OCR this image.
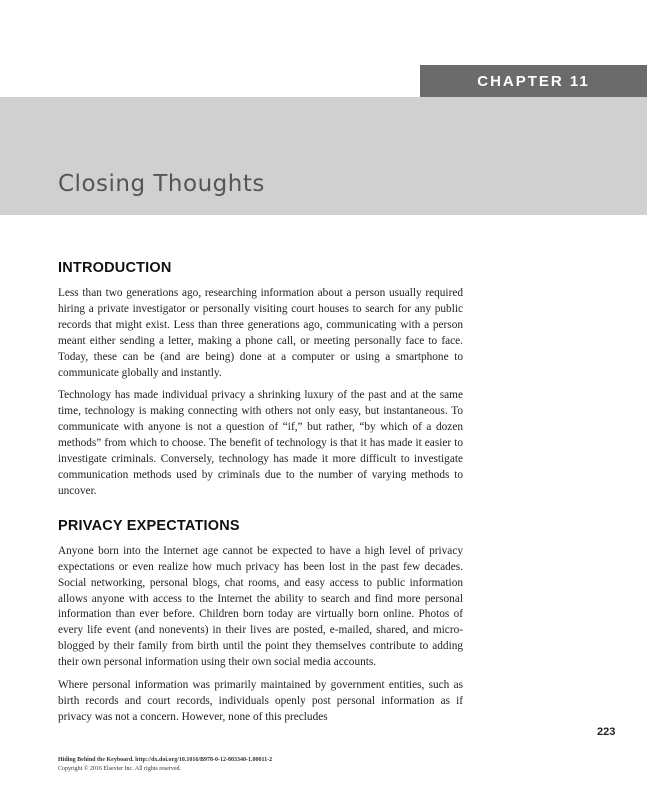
CHAPTER 11
Closing Thoughts
INTRODUCTION

Less than two generations ago, researching information about a person usually required hiring a private investigator or personally visiting court houses to search for any public records that might exist. Less than three generations ago, communicating with a person meant either sending a letter, making a phone call, or meeting personally face to face. Today, these can be (and are being) done at a computer or using a smartphone to communicate globally and instantly.

Technology has made individual privacy a shrinking luxury of the past and at the same time, technology is making connecting with others not only easy, but instantaneous. To communicate with anyone is not a question of “if,” but rather, “by which of a dozen methods” from which to choose. The benefit of technology is that it has made it easier to investigate criminals. Conversely, technology has made it more difficult to investigate communication methods used by criminals due to the number of varying methods to uncover.

PRIVACY EXPECTATIONS

Anyone born into the Internet age cannot be expected to have a high level of privacy expectations or even realize how much privacy has been lost in the past few decades. Social networking, personal blogs, chat rooms, and easy access to public information allows anyone with access to the Internet the ability to search and find more personal information than ever before. Children born today are virtually born online. Photos of every life event (and nonevents) in their lives are posted, e-mailed, shared, and micro-blogged by their family from birth until the point they themselves contribute to adding their own personal information using their own social media accounts.

Where personal information was primarily maintained by government entities, such as birth records and court records, individuals openly post personal information as if privacy was not a concern. However, none of this precludes

223
Hiding Behind the Keyboard. http://dx.doi.org/10.1016/B978-0-12-803340-1.00011-2
Copyright © 2016 Elsevier Inc. All rights reserved.
